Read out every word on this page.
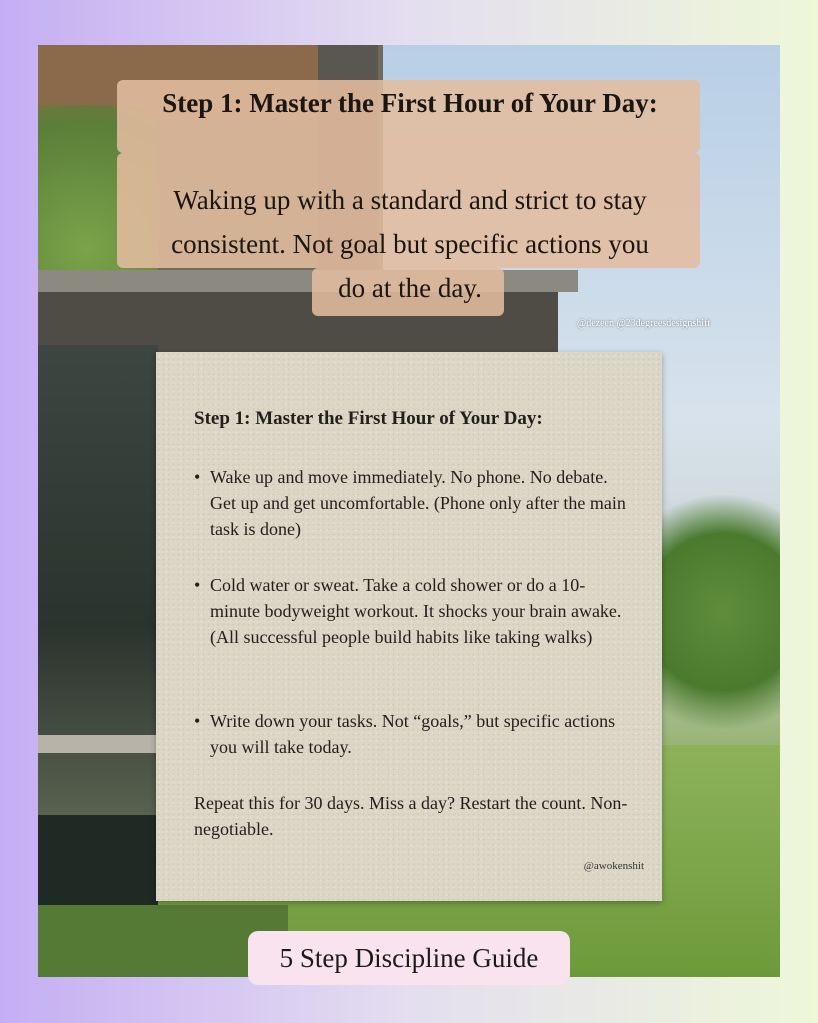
Step 1: Master the First Hour of Your Day:
Waking up with a standard and strict to stay
consistent. Not goal but specific actions you
do at the day.
@dezeen @23degreesdesignshift
Step 1: Master the First Hour of Your Day:
• Wake up and move immediately. No phone. No debate. Get up and get uncomfortable. (Phone only after the main task is done)
• Cold water or sweat. Take a cold shower or do a 10-minute bodyweight workout. It shocks your brain awake. (All successful people build habits like taking walks)
• Write down your tasks. Not “goals,” but specific actions you will take today.
Repeat this for 30 days. Miss a day? Restart the count. Non-negotiable.
@awokenshit
5 Step Discipline Guide
